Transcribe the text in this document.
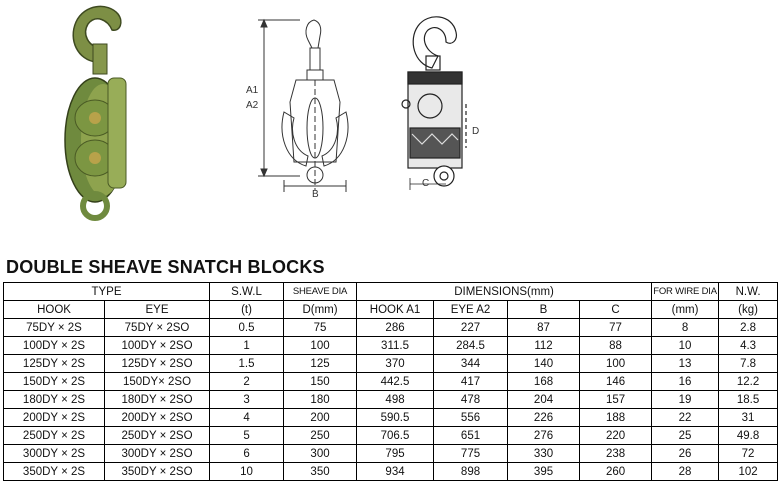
A1
A2
B
D
C
DOUBLE SHEAVE SNATCH BLOCKS
TYPE		S.W.L	SHEAVE DIA	DIMENSIONS(mm)				FOR WIRE DIA	N.W.
HOOK	EYE	(t)	D(mm)	HOOK A1	EYE A2	B	C	(mm)	(kg)
75DY × 2S	75DY × 2SO	0.5	75	286	227	87	77	8	2.8
100DY × 2S	100DY × 2SO	1	100	311.5	284.5	112	88	10	4.3
125DY × 2S	125DY × 2SO	1.5	125	370	344	140	100	13	7.8
150DY × 2S	150DY× 2SO	2	150	442.5	417	168	146	16	12.2
180DY × 2S	180DY × 2SO	3	180	498	478	204	157	19	18.5
200DY × 2S	200DY × 2SO	4	200	590.5	556	226	188	22	31
250DY × 2S	250DY × 2SO	5	250	706.5	651	276	220	25	49.8
300DY × 2S	300DY × 2SO	6	300	795	775	330	238	26	72
350DY × 2S	350DY × 2SO	10	350	934	898	395	260	28	102
